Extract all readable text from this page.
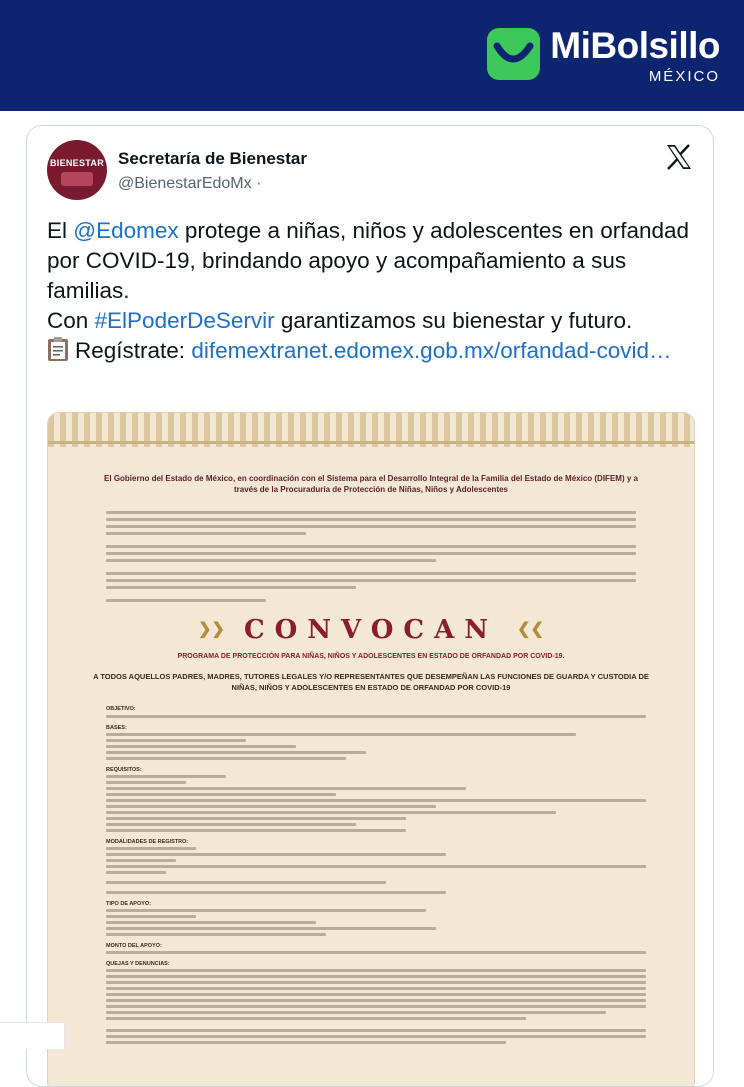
MiBolsillo
MÉXICO
BIENESTAR Secretaría de Bienestar
@BienestarEdoMx ·
El @Edomex protege a niñas, niños y adolescentes en orfandad por COVID-19, brindando apoyo y acompañamiento a sus familias.
Con #ElPoderDeServir garantizamos su bienestar y futuro.
Regístrate: difemextranet.edomex.gob.mx/orfandad-covid…
El Gobierno del Estado de México, en coordinación con el Sistema para el Desarrollo Integral de la Familia del Estado de México (DIFEM) y a través de la Procuraduría de Protección de Niñas, Niños y Adolescentes
❯❯ CONVOCAN ❮❮
PROGRAMA DE PROTECCIÓN PARA NIÑAS, NIÑOS Y ADOLESCENTES EN ESTADO DE ORFANDAD POR COVID-19.
A TODOS AQUELLOS PADRES, MADRES, TUTORES LEGALES Y/O REPRESENTANTES QUE DESEMPEÑAN LAS FUNCIONES DE GUARDA Y CUSTODIA DE NIÑAS, NIÑOS Y ADOLESCENTES EN ESTADO DE ORFANDAD POR COVID-19
OBJETIVO:
BASES:
REQUISITOS:
MODALIDADES DE REGISTRO:
TIPO DE APOYO:
MONTO DEL APOYO:
QUEJAS Y DENUNCIAS:
